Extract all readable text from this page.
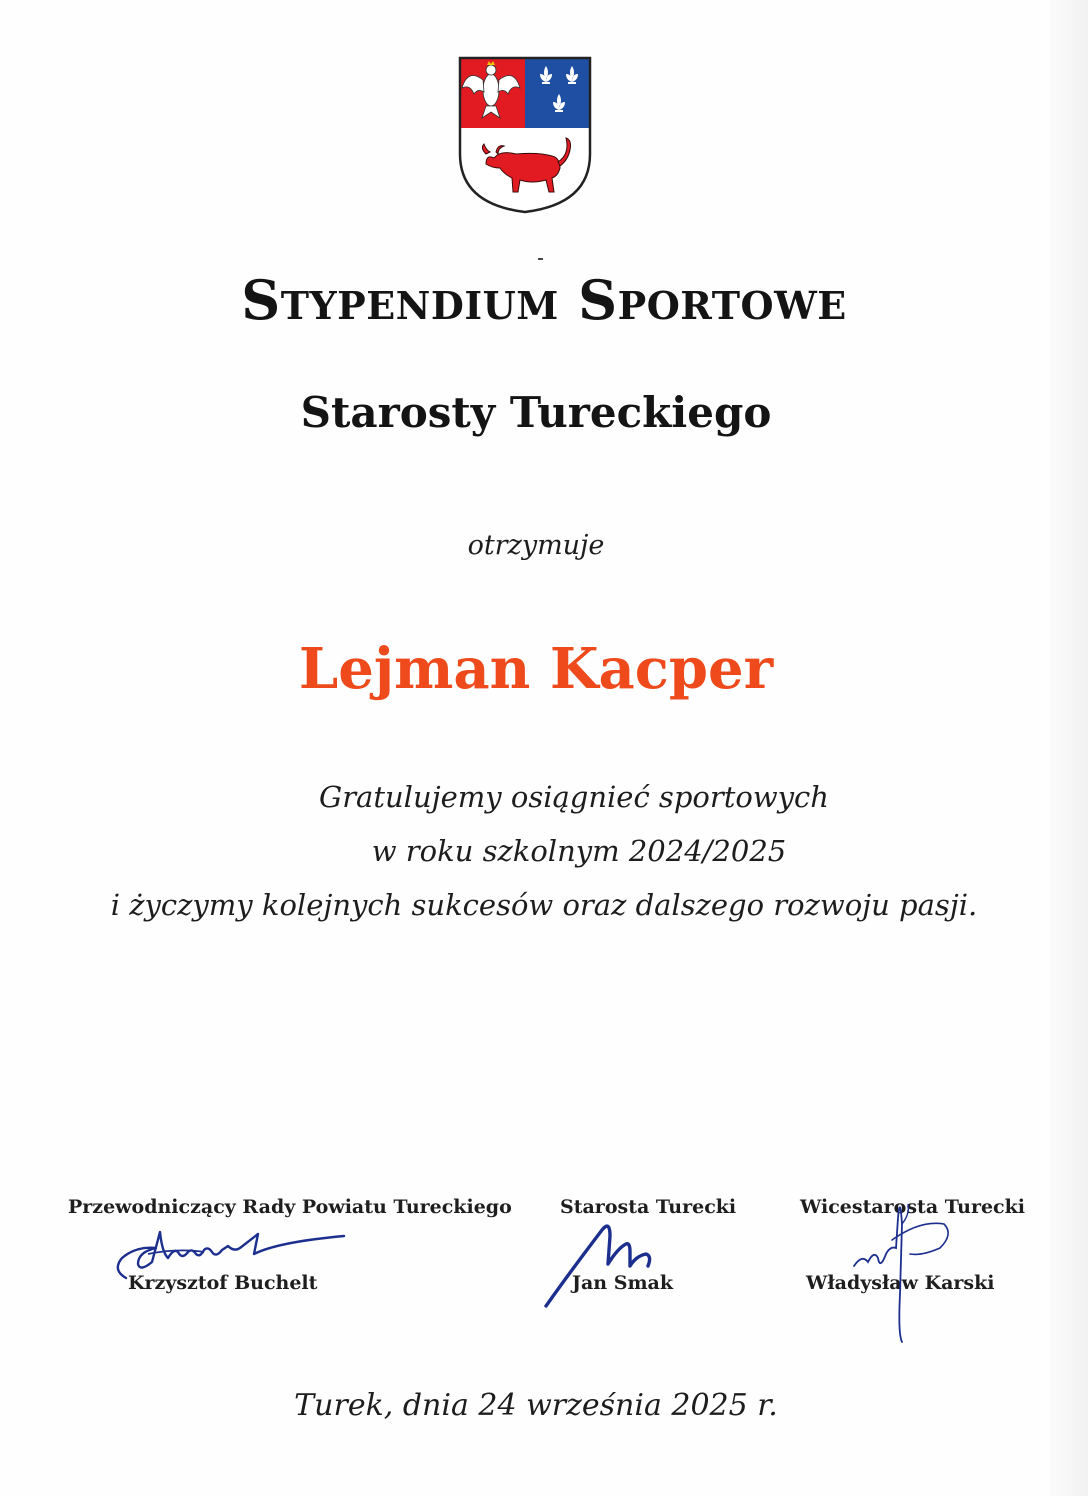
Stypendium Sportowe
Starosty Tureckiego
otrzymuje
Lejman Kacper
Gratulujemy osiągnieć sportowych
w roku szkolnym 2024/2025
i życzymy kolejnych sukcesów oraz dalszego rozwoju pasji.
Przewodniczący Rady Powiatu Tureckiego
Krzysztof Buchelt
Starosta Turecki
Jan Smak
Wicestarosta Turecki
Władysław Karski
Turek, dnia 24 września 2025 r.
